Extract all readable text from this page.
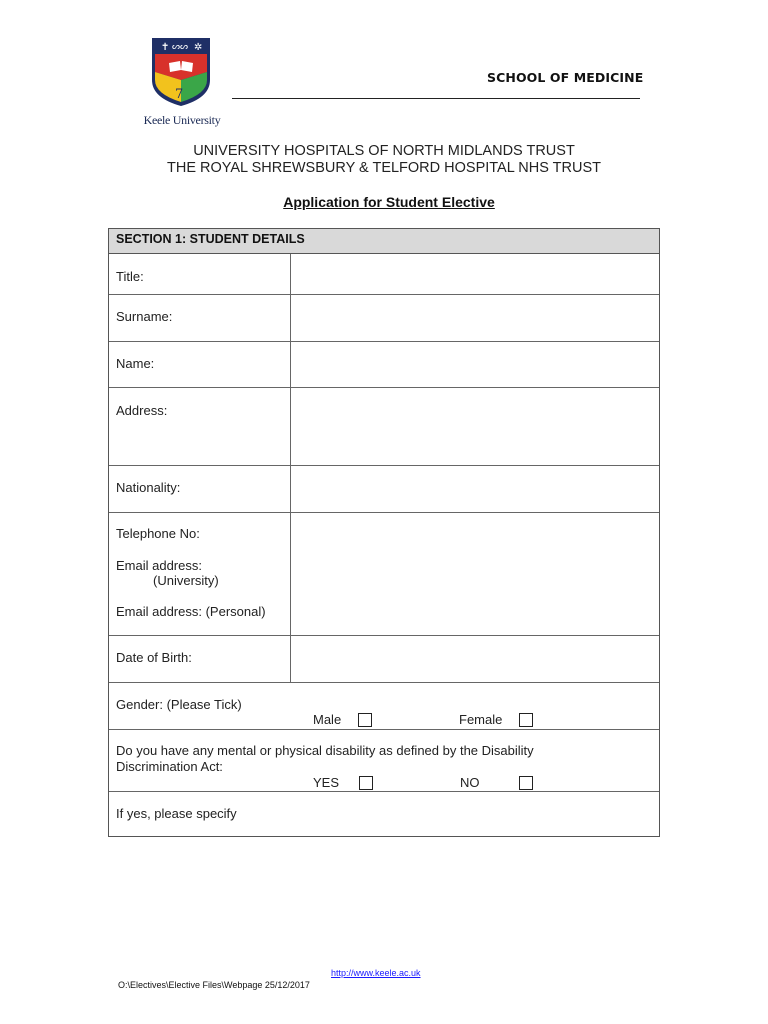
✝ ᔕᔕ ✲
7
Keele University
SCHOOL OF MEDICINE
UNIVERSITY HOSPITALS OF NORTH MIDLANDS TRUST
THE ROYAL SHREWSBURY & TELFORD HOSPITAL NHS TRUST
Application for Student Elective
SECTION 1: STUDENT DETAILS
Title:
Surname:
Name:
Address:
Nationality:
Telephone No:
Email address:
(University)
Email address: (Personal)
Date of Birth:
Gender: (Please Tick)
Male	Female
Do you have any mental or physical disability as defined by the Disability
Discrimination Act:
YES	NO
If yes, please specify
http://www.keele.ac.uk
O:\Electives\Elective Files\Webpage 25/12/2017
